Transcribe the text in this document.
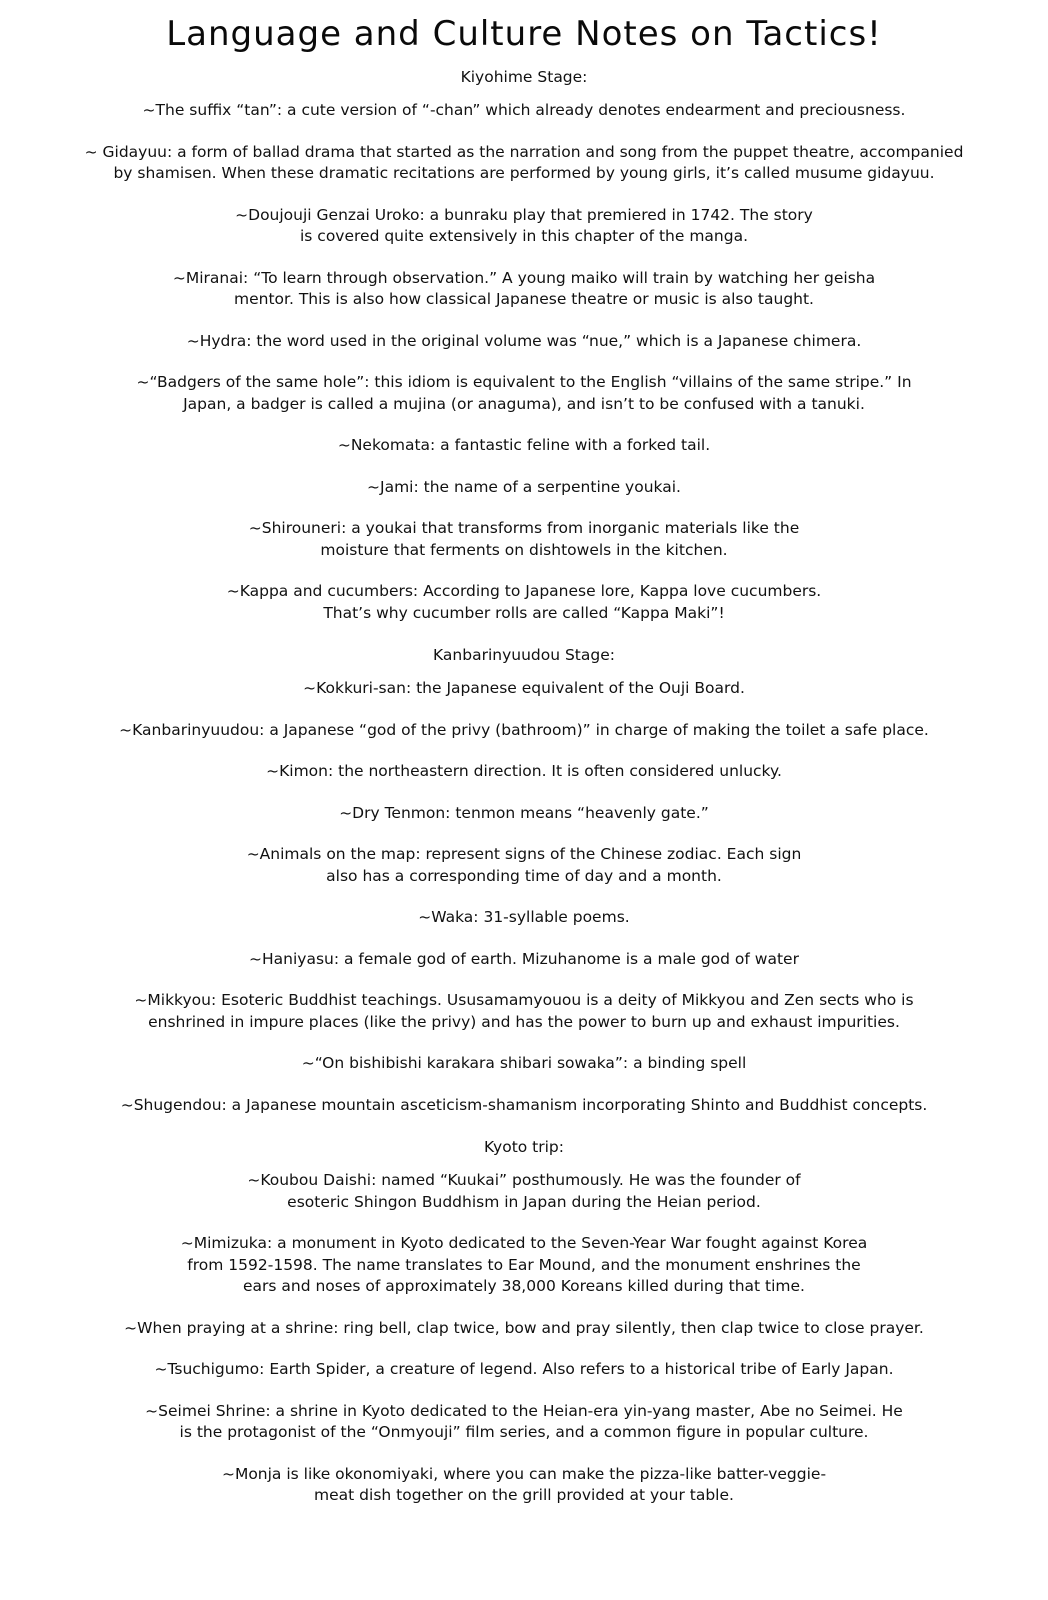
Language and Culture Notes on Tactics!
Kiyohime Stage:
~The suffix “tan”: a cute version of “-chan” which already denotes endearment and preciousness.
~ Gidayuu: a form of ballad drama that started as the narration and song from the puppet theatre, accompanied
by shamisen. When these dramatic recitations are performed by young girls, it’s called musume gidayuu.
~Doujouji Genzai Uroko: a bunraku play that premiered in 1742. The story
is covered quite extensively in this chapter of the manga.
~Miranai: “To learn through observation.” A young maiko will train by watching her geisha
mentor. This is also how classical Japanese theatre or music is also taught.
~Hydra: the word used in the original volume was “nue,” which is a Japanese chimera.
~“Badgers of the same hole”: this idiom is equivalent to the English “villains of the same stripe.” In
Japan, a badger is called a mujina (or anaguma), and isn’t to be confused with a tanuki.
~Nekomata: a fantastic feline with a forked tail.
~Jami: the name of a serpentine youkai.
~Shirouneri: a youkai that transforms from inorganic materials like the
moisture that ferments on dishtowels in the kitchen.
~Kappa and cucumbers: According to Japanese lore, Kappa love cucumbers.
That’s why cucumber rolls are called “Kappa Maki”!
Kanbarinyuudou Stage:
~Kokkuri-san: the Japanese equivalent of the Ouji Board.
~Kanbarinyuudou: a Japanese “god of the privy (bathroom)” in charge of making the toilet a safe place.
~Kimon: the northeastern direction. It is often considered unlucky.
~Dry Tenmon: tenmon means “heavenly gate.”
~Animals on the map: represent signs of the Chinese zodiac. Each sign
also has a corresponding time of day and a month.
~Waka: 31-syllable poems.
~Haniyasu: a female god of earth. Mizuhanome is a male god of water
~Mikkyou: Esoteric Buddhist teachings. Ususamamyouou is a deity of Mikkyou and Zen sects who is
enshrined in impure places (like the privy) and has the power to burn up and exhaust impurities.
~“On bishibishi karakara shibari sowaka”: a binding spell
~Shugendou: a Japanese mountain asceticism-shamanism incorporating Shinto and Buddhist concepts.
Kyoto trip:
~Koubou Daishi: named “Kuukai” posthumously. He was the founder of
esoteric Shingon Buddhism in Japan during the Heian period.
~Mimizuka: a monument in Kyoto dedicated to the Seven-Year War fought against Korea
from 1592-1598. The name translates to Ear Mound, and the monument enshrines the
ears and noses of approximately 38,000 Koreans killed during that time.
~When praying at a shrine: ring bell, clap twice, bow and pray silently, then clap twice to close prayer.
~Tsuchigumo: Earth Spider, a creature of legend. Also refers to a historical tribe of Early Japan.
~Seimei Shrine: a shrine in Kyoto dedicated to the Heian-era yin-yang master, Abe no Seimei. He
is the protagonist of the “Onmyouji” film series, and a common figure in popular culture.
~Monja is like okonomiyaki, where you can make the pizza-like batter-veggie-
meat dish together on the grill provided at your table.
